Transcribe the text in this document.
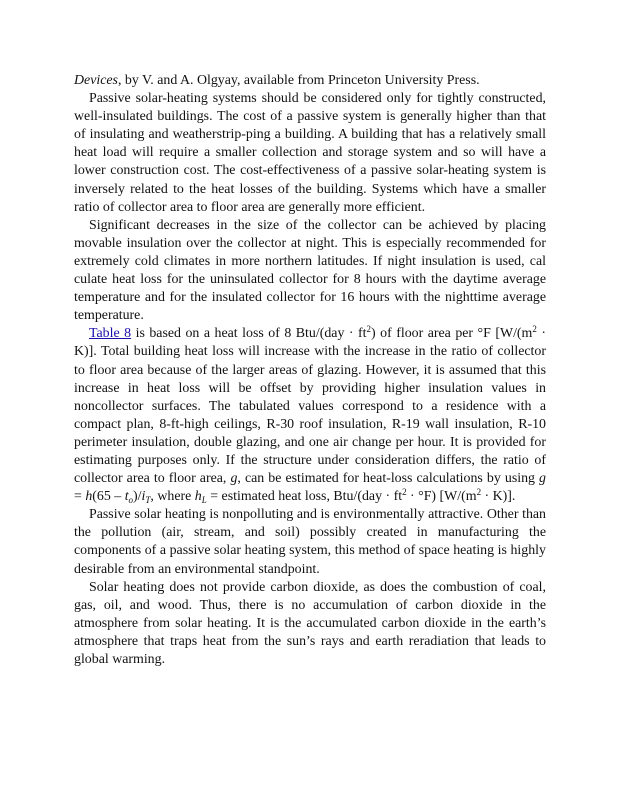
Devices, by V. and A. Olgyay, available from Princeton University Press.

Passive solar-heating systems should be considered only for tightly constructed, well-insulated buildings. The cost of a passive system is generally higher than that of insulating and weatherstrip-ping a building. A building that has a relatively small heat load will require a smaller collection and storage system and so will have a lower construction cost. The cost-effectiveness of a passive solar-heating system is inversely related to the heat losses of the building. Systems which have a smaller ratio of collector area to floor area are generally more efficient.

Significant decreases in the size of the collector can be achieved by placing movable insulation over the collector at night. This is especially recommended for extremely cold climates in more northern latitudes. If night insulation is used, cal culate heat loss for the uninsulated collector for 8 hours with the daytime average temperature and for the insulated collector for 16 hours with the nighttime average temperature.

Table 8 is based on a heat loss of 8 $Btu/(day \cdot ft^2)$ of floor area per °F $[W/(m^2 \cdot K)]$. Total building heat loss will increase with the increase in the ratio of collector to floor area because of the larger areas of glazing. However, it is assumed that this increase in heat loss will be offset by providing higher insulation values in noncollector surfaces. The tabulated values correspond to a residence with a compact plan, 8-ft-high ceilings, R-30 roof insulation, R-19 wall insulation, R-10 perimeter insulation, double glazing, and one air change per hour. It is provided for estimating purposes only. If the structure under consideration differs, the ratio of collector area to floor area, g, can be estimated for heat-loss calculations by using $g = h(65 - t_o)/i_T$, where $h_L$ = estimated heat loss, $Btu/(day \cdot ft^2 \cdot ^\circ F)$ $[W/(m^2 \cdot K)]$.

Passive solar heating is nonpolluting and is environmentally attractive. Other than the pollution (air, stream, and soil) possibly created in manufacturing the components of a passive solar heating system, this method of space heating is highly desirable from an environmental standpoint.

Solar heating does not provide carbon dioxide, as does the combustion of coal, gas, oil, and wood. Thus, there is no accumulation of carbon dioxide in the atmosphere from solar heating. It is the accumulated carbon dioxide in the earth’s atmosphere that traps heat from the sun’s rays and earth reradiation that leads to global warming.
